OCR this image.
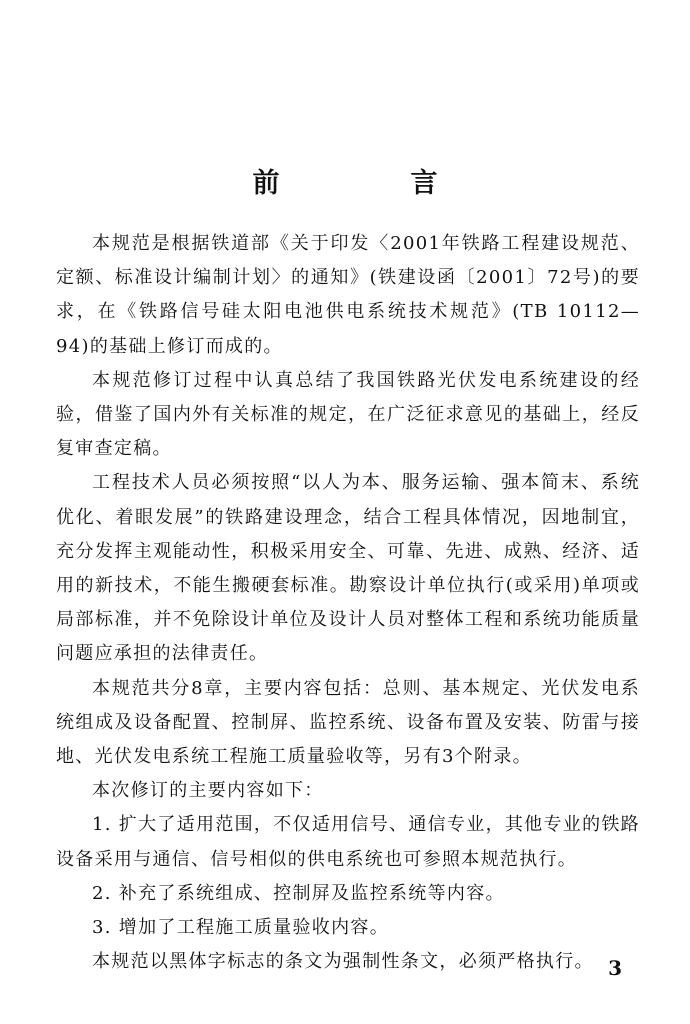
前　言

本规范是根据铁道部《关于印发〈2001年铁路工程建设规范、定额、标准设计编制计划〉的通知》(铁建设函〔2001〕72号)的要求，在《铁路信号硅太阳电池供电系统技术规范》(TB 10112—94)的基础上修订而成的。

本规范修订过程中认真总结了我国铁路光伏发电系统建设的经验，借鉴了国内外有关标准的规定，在广泛征求意见的基础上，经反复审查定稿。

工程技术人员必须按照“以人为本、服务运输、强本简末、系统优化、着眼发展”的铁路建设理念，结合工程具体情况，因地制宜，充分发挥主观能动性，积极采用安全、可靠、先进、成熟、经济、适用的新技术，不能生搬硬套标准。勘察设计单位执行(或采用)单项或局部标准，并不免除设计单位及设计人员对整体工程和系统功能质量问题应承担的法律责任。

本规范共分8章，主要内容包括：总则、基本规定、光伏发电系统组成及设备配置、控制屏、监控系统、设备布置及安装、防雷与接地、光伏发电系统工程施工质量验收等，另有3个附录。

本次修订的主要内容如下：

1. 扩大了适用范围，不仅适用信号、通信专业，其他专业的铁路设备采用与通信、信号相似的供电系统也可参照本规范执行。

2. 补充了系统组成、控制屏及监控系统等内容。

3. 增加了工程施工质量验收内容。

本规范以黑体字标志的条文为强制性条文，必须严格执行。 3
